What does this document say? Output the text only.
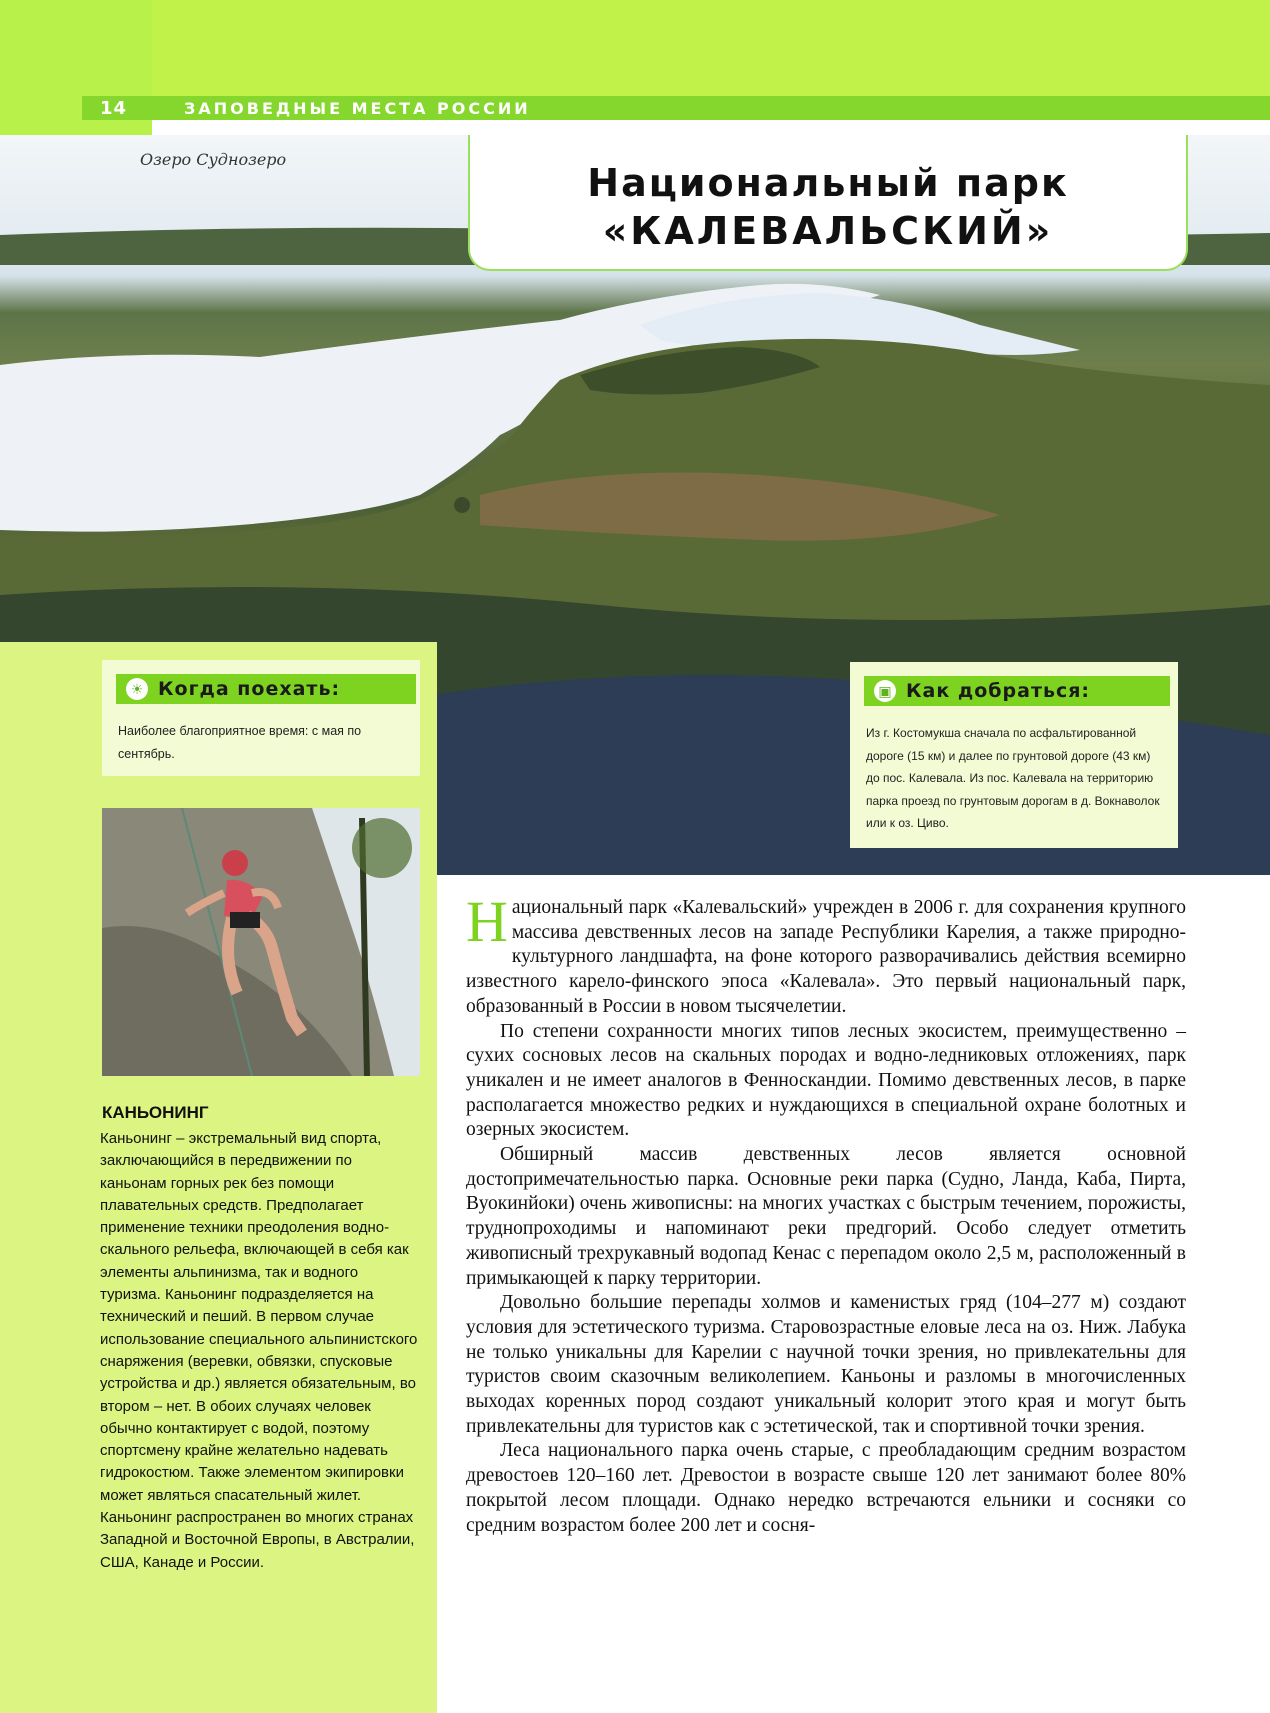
14	ЗАПОВЕДНЫЕ МЕСТА РОССИИ
Озеро Суднозеро
Национальный парк
«КАЛЕВАЛЬСКИЙ»
☀ Когда поехать:
Наиболее благоприятное время: с мая по сентябрь.
▣ Как добраться:
Из г. Костомукша сначала по асфальтированной дороге (15 км) и далее по грунтовой дороге (43 км) до пос. Калевала. Из пос. Калевала на территорию парка проезд по грунтовым дорогам в д. Вокнаволок или к оз. Циво.
КАНЬОНИНГ
Каньонинг – экстремальный вид спорта, заключающийся в передвижении по каньонам горных рек без помощи плавательных средств. Предполагает применение техники преодоления водно-скального рельефа, включающей в себя как элементы альпинизма, так и водного туризма. Каньонинг подразделяется на технический и пеший. В первом случае использование специального альпинистского снаряжения (веревки, обвязки, спусковые устройства и др.) является обязательным, во втором – нет. В обоих случаях человек обычно контактирует с водой, поэтому спортсмену крайне желательно надевать гидрокостюм. Также элементом экипировки может являться спасательный жилет. Каньонинг распространен во многих странах Западной и Восточной Европы, в Австралии, США, Канаде и России.

Национальный парк «Калевальский» учрежден в 2006 г. для сохранения крупного массива девственных лесов на западе Республики Карелия, а также природно-культурного ландшафта, на фоне которого разворачивались действия всемирно известного карело-финского эпоса «Калевала». Это первый национальный парк, образованный в России в новом тысячелетии.

По степени сохранности многих типов лесных экосистем, преимущественно – сухих сосновых лесов на скальных породах и водно-ледниковых отложениях, парк уникален и не имеет аналогов в Фенноскандии. Помимо девственных лесов, в парке располагается множество редких и нуждающихся в специальной охране болотных и озерных экосистем.

Обширный массив девственных лесов является основной достопримечательностью парка. Основные реки парка (Судно, Ланда, Каба, Пирта, Вуокинйоки) очень живописны: на многих участках с быстрым течением, порожисты, труднопроходимы и напоминают реки предгорий. Особо следует отметить живописный трехрукавный водопад Кенас с перепадом около 2,5 м, расположенный в примыкающей к парку территории.

Довольно большие перепады холмов и каменистых гряд (104–277 м) создают условия для эстетического туризма. Старовозрастные еловые леса на оз. Ниж. Лабука не только уникальны для Карелии с научной точки зрения, но привлекательны для туристов своим сказочным великолепием. Каньоны и разломы в многочисленных выходах коренных пород создают уникальный колорит этого края и могут быть привлекательны для туристов как с эстетической, так и спортивной точки зрения.

Леса национального парка очень старые, с преобладающим средним возрастом древостоев 120–160 лет. Древостои в возрасте свыше 120 лет занимают более 80% покрытой лесом площади. Однако нередко встречаются ельники и сосняки со средним возрастом более 200 лет и сосня-
